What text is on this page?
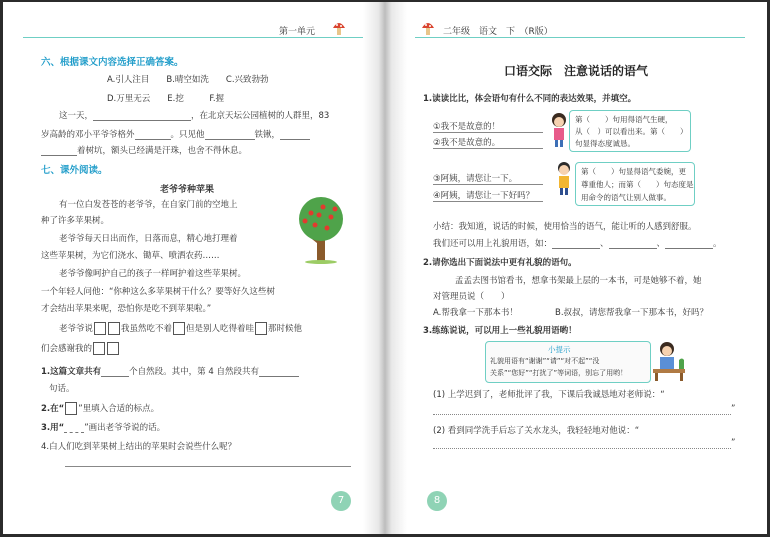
第一单元
六、根据课文内容选择正确答案。
A.引人注目　　B.晴空如洗　　C.兴致勃勃
D.万里无云　　E.挖　　　F.握
这一天，	，在北京天坛公园植树的人群里，83
岁高龄的邓小平爷爷格外	。只见他	铁锹，
着树坑，额头已经满是汗珠，也舍不得休息。
七、课外阅读。
老爷爷种苹果
有一位白发苍苍的老爷爷，在自家门前的空地上
种了许多苹果树。
老爷爷每天日出而作，日落而息，精心地打理着
这些苹果树，为它们浇水、锄草、喷洒农药……
老爷爷像呵护自己的孩子一样呵护着这些苹果树。
一个年轻人问他：“你种这么多苹果树干什么？要等好久这些树
才会结出苹果来呢，恐怕你是吃不到苹果啦。”
老爷爷说	我虽然吃不着 但是别人吃得着哇 那时候他
们会感谢我的
1.这篇文章共有	个自然段。其中，第 4 自然段共有
句话。
2.在“ ”里填入合适的标点。
3.用“ ”画出老爷爷说的话。
4.白人们吃到苹果树上结出的苹果时会说些什么呢？
7
二年级　语文　下　（R版）
口语交际　注意说话的语气
1.读读比比，体会语句有什么不同的表达效果，并填空。
①我不是故意的！
②我不是故意的。
第（　　）句用得语气生硬，
从（　）可以看出来。第（　　）
句显得态度诚恳。
③阿姨，请您让一下。
④阿姨，请您让一下好吗？
第（　　）句显得语气委婉，更
尊重他人；而第（　　）句态度是
用命令的语气让别人做事。
小结：我知道，说话的时候，使用恰当的语气，能让听的人感到舒服。
我们还可以用上礼貌用语，如：	、	、	。
2.请你选出下面说法中更有礼貌的语句。
孟孟去图书馆看书，想拿书架最上层的一本书，可是她够不着，她
对管理员说（　　）
A.帮我拿一下那本书！	B.叔叔，请您帮我拿一下那本书，好吗？
3.练练说说，可以用上一些礼貌用语哟！
小提示
礼貌用语有“谢谢”“请”“对不起”“没
关系”“您好”“打扰了”等词语，别忘了用哟！
(1) 上学迟到了，老师批评了我，下课后我诚恳地对老师说：“
”
(2) 看到同学洗手后忘了关水龙头，我轻轻地对他说：“
”
8
